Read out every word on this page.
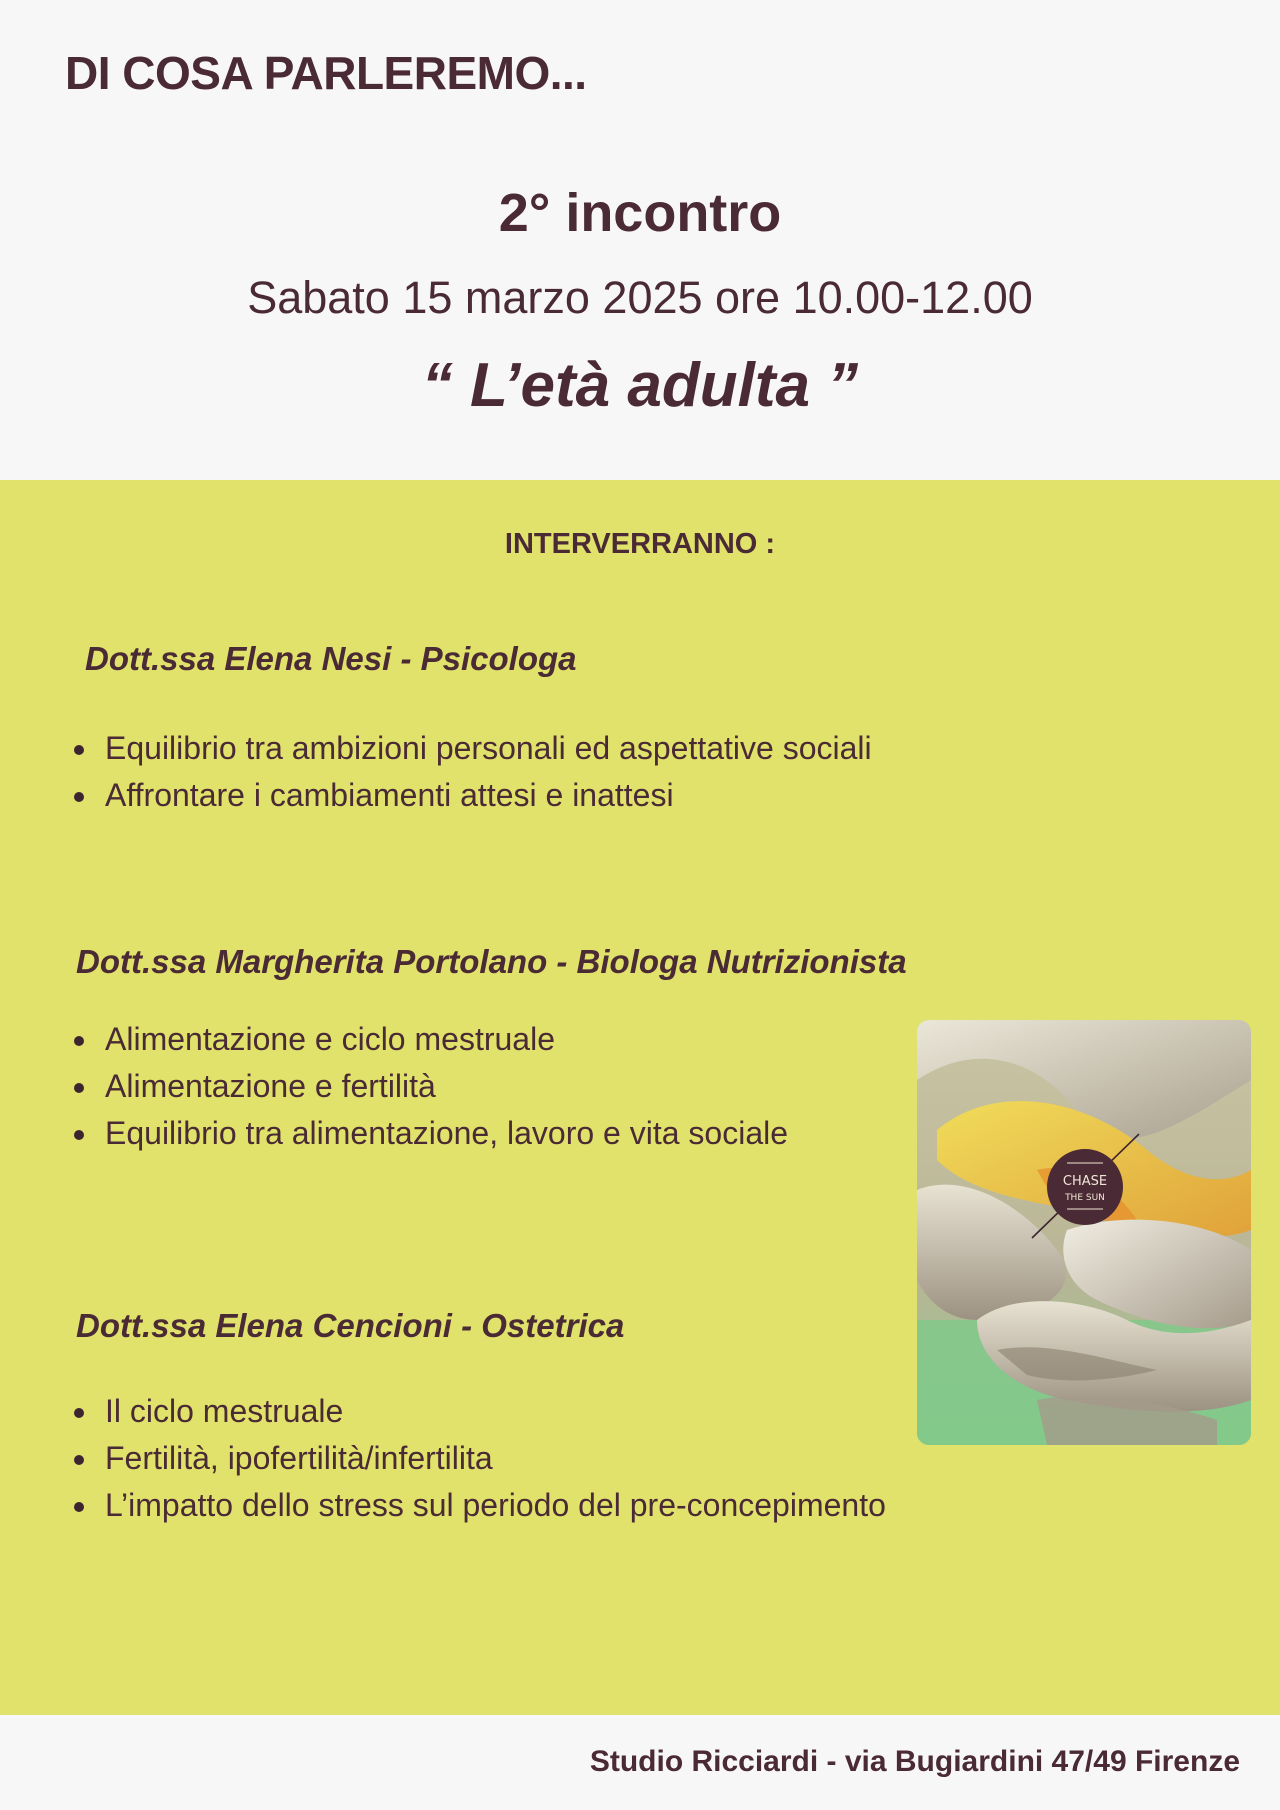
DI COSA PARLEREMO...
2° incontro

Sabato 15 marzo 2025 ore 10.00-12.00

“ L’età adulta ”

INTERVERRANNO :

Dott.ssa Elena Nesi - Psicologa

Equilibrio tra ambizioni personali ed aspettative sociali
Affrontare i cambiamenti attesi e inattesi

Dott.ssa Margherita Portolano - Biologa Nutrizionista

Alimentazione e ciclo mestruale
Alimentazione e fertilità
Equilibrio tra alimentazione, lavoro e vita sociale

Dott.ssa Elena Cencioni - Ostetrica

Il ciclo mestruale
Fertilità, ipofertilità/infertilita
L’impatto dello stress sul periodo del pre-concepimento
CHASE
THE SUN

Studio Ricciardi - via Bugiardini 47/49 Firenze
